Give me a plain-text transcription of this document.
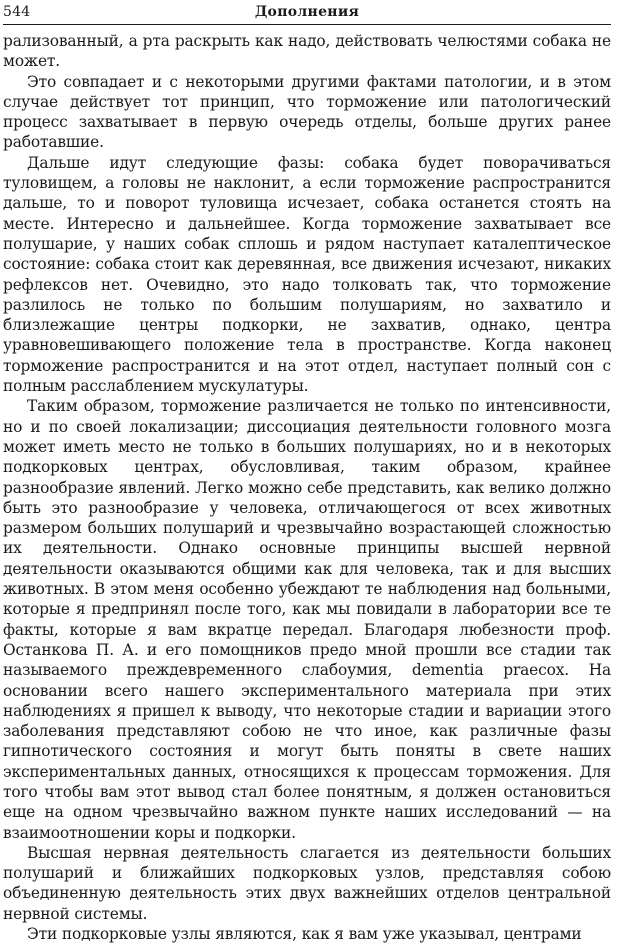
544	Дополнения

рализованный, а рта раскрыть как надо, действовать челюстями собака не может.

Это совпадает и с некоторыми другими фактами патологии, и в этом случае действует тот принцип, что торможение или патологический процесс захватывает в первую очередь отделы, больше других ранее работавшие.

Дальше идут следующие фазы: собака будет поворачиваться туловищем, а головы не наклонит, а если торможение распространится дальше, то и поворот туловища исчезает, собака останется стоять на месте. Интересно и дальнейшее. Когда торможение захватывает все полушарие, у наших собак сплошь и рядом наступает каталептическое состояние: собака стоит как деревянная, все движения исчезают, никаких рефлексов нет. Очевидно, это надо толковать так, что торможение разлилось не только по большим полушариям, но захватило и близлежащие центры подкорки, не захватив, однако, центра уравновешивающего положение тела в пространстве. Когда наконец торможение распространится и на этот отдел, наступает полный сон с полным расслаблением мускулатуры.

Таким образом, торможение различается не только по интенсивности, но и по своей локализации; диссоциация деятельности головного мозга может иметь место не только в больших полушариях, но и в некоторых подкорковых центрах, обусловливая, таким образом, крайнее разнообразие явлений. Легко можно себе представить, как велико должно быть это разнообразие у человека, отличающегося от всех животных размером больших полушарий и чрезвычайно возрастающей сложностью их деятельности. Однако основные принципы высшей нервной деятельности оказываются общими как для человека, так и для высших животных. В этом меня особенно убеждают те наблюдения над больными, которые я предпринял после того, как мы повидали в лаборатории все те факты, которые я вам вкратце передал. Благодаря любезности проф. Останкова П. А. и его помощников предо мной прошли все стадии так называемого преждевременного слабоумия, dementia praecox. На основании всего нашего экспериментального материала при этих наблюдениях я пришел к выводу, что некоторые стадии и вариации этого заболевания представляют собою не что иное, как различные фазы гипнотического состояния и могут быть поняты в свете наших экспериментальных данных, относящихся к процессам торможения. Для того чтобы вам этот вывод стал более понятным, я должен остановиться еще на одном чрезвычайно важном пункте наших исследований — на взаимоотношении коры и подкорки.

Высшая нервная деятельность слагается из деятельности больших полушарий и ближайших подкорковых узлов, представляя собою объединенную деятельность этих двух важнейших отделов центральной нервной системы.

Эти подкорковые узлы являются, как я вам уже указывал, центрами
